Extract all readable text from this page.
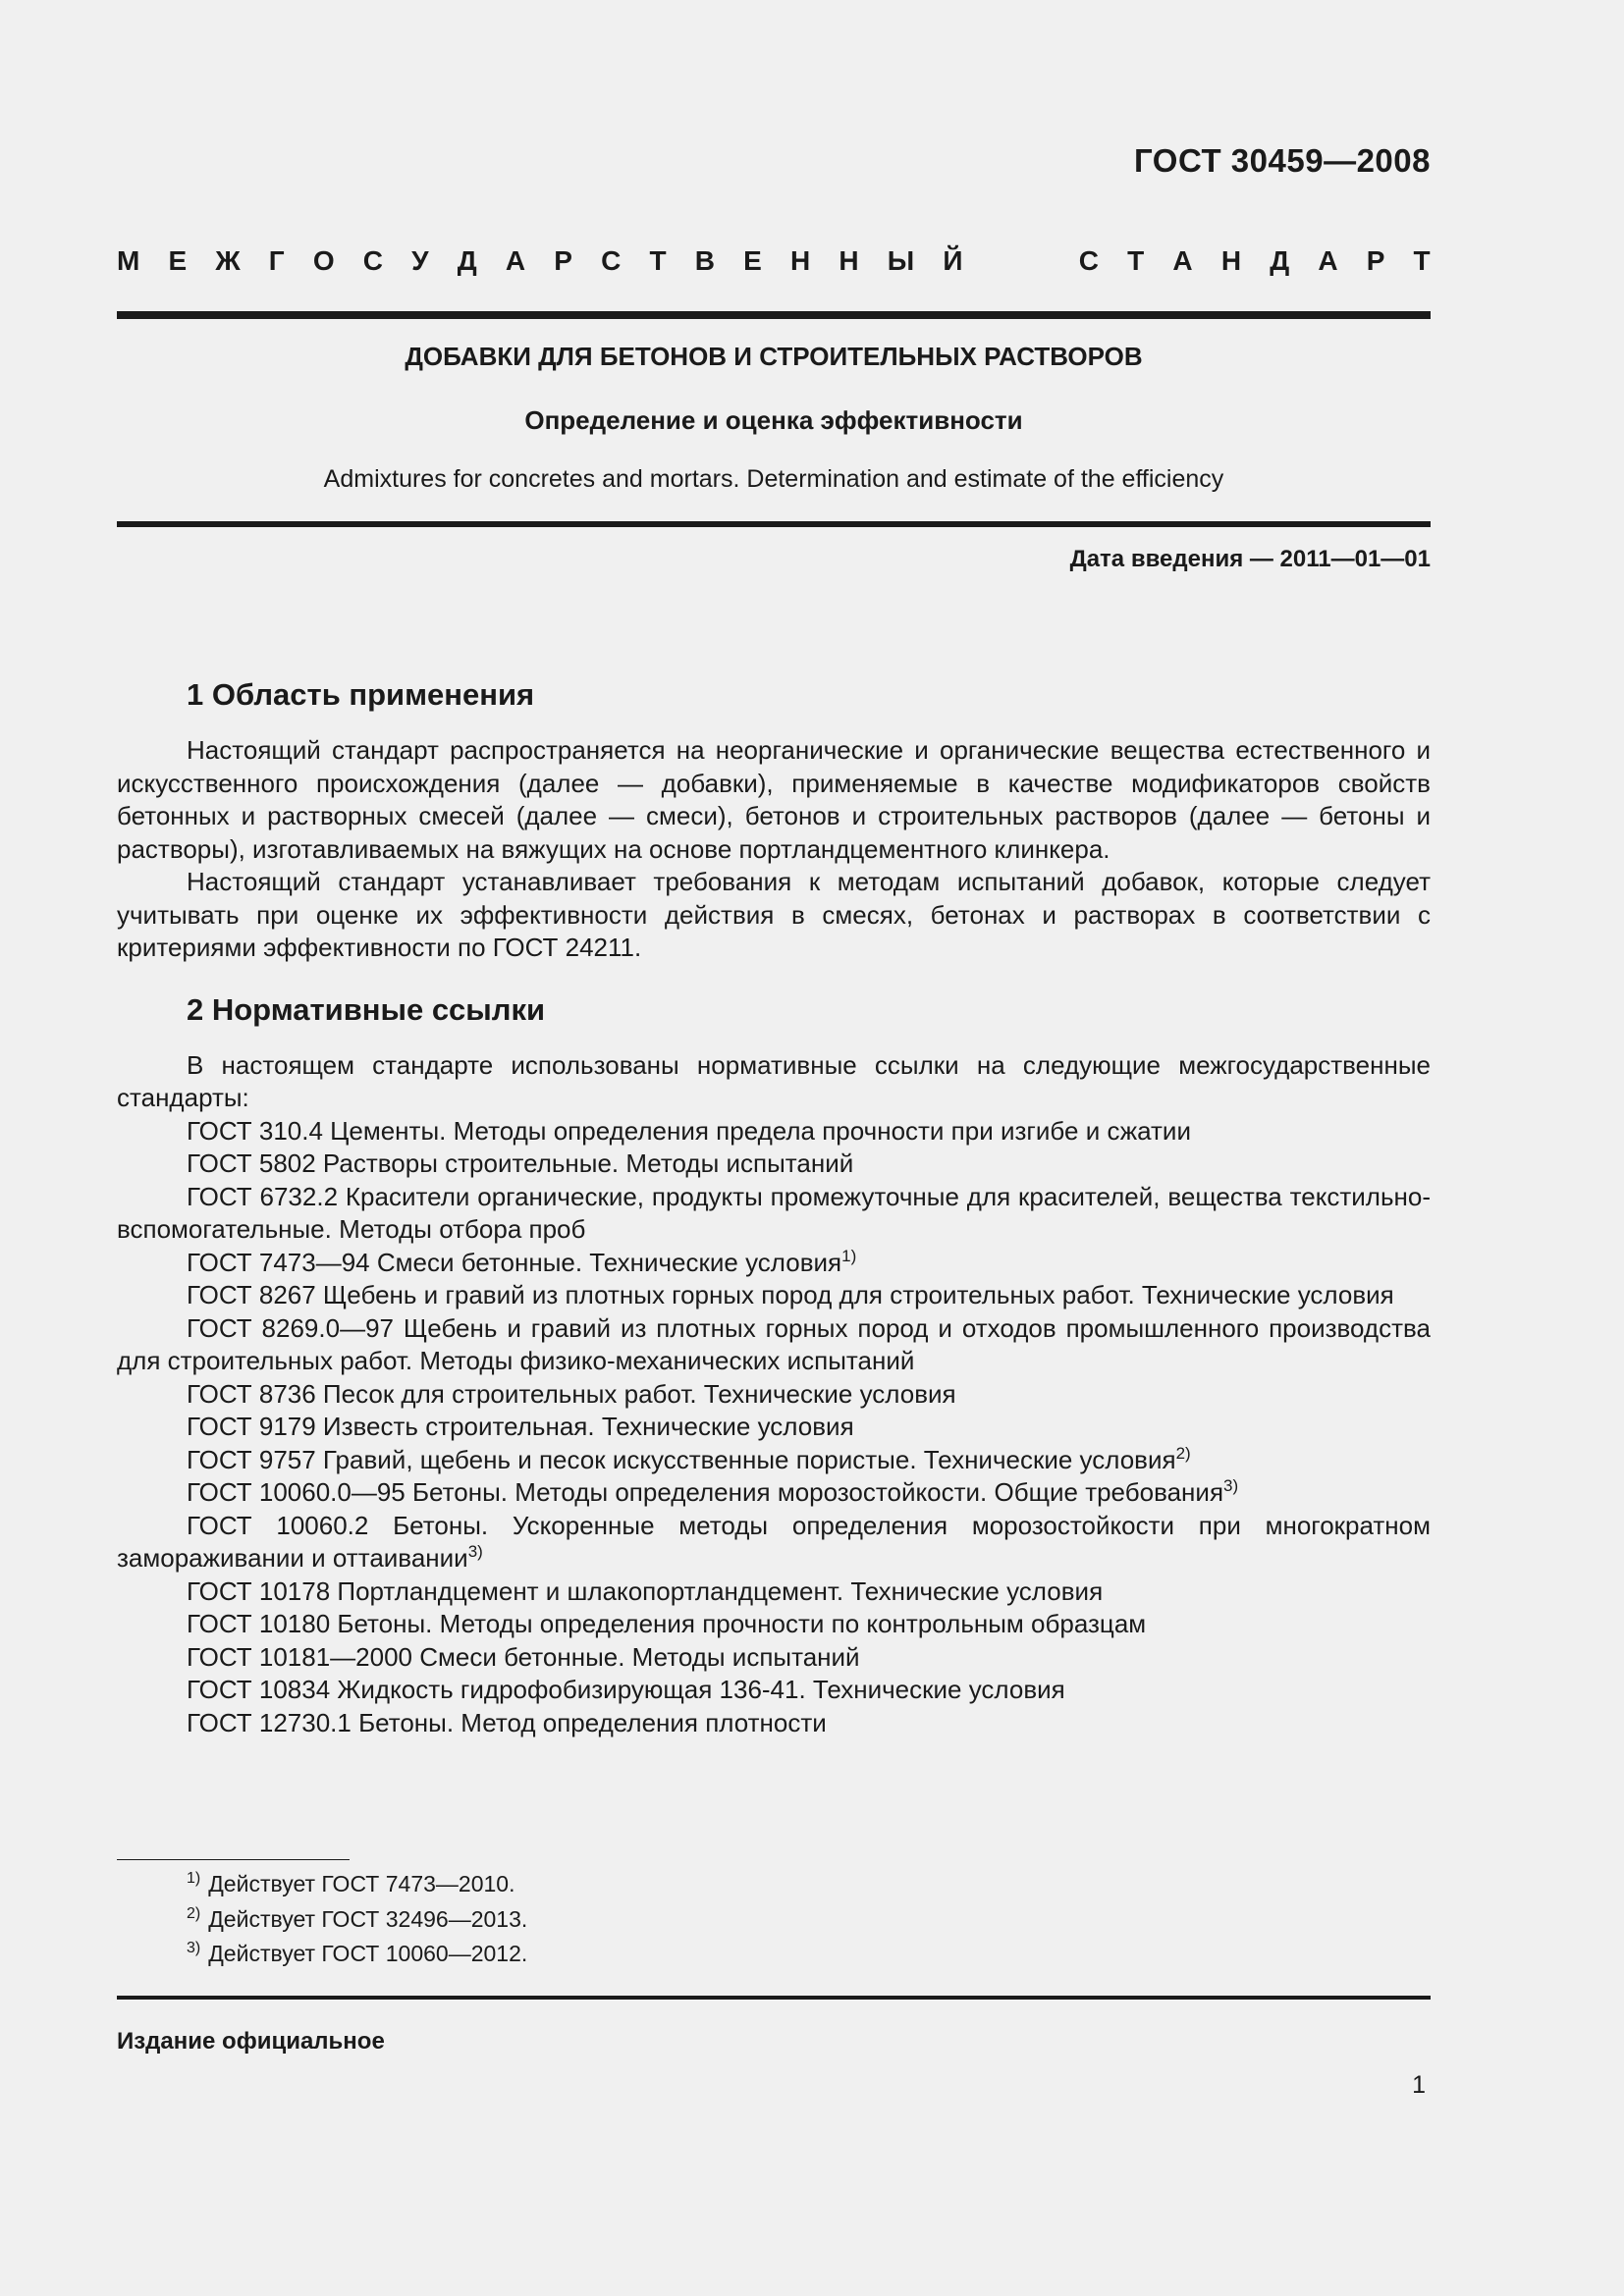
ГОСТ 30459—2008
М Е Ж Г О С У Д А Р С Т В Е Н Н Ы Й	С Т А Н Д А Р Т
ДОБАВКИ ДЛЯ БЕТОНОВ И СТРОИТЕЛЬНЫХ РАСТВОРОВ
Определение и оценка эффективности
Admixtures for concretes and mortars. Determination and estimate of the efficiency
Дата введения — 2011—01—01
1 Область применения

Настоящий стандарт распространяется на неорганические и органические вещества естественного и искусственного происхождения (далее — добавки), применяемые в качестве модификаторов свойств бетонных и растворных смесей (далее — смеси), бетонов и строительных растворов (далее — бетоны и растворы), изготавливаемых на вяжущих на основе портландцементного клинкера.

Настоящий стандарт устанавливает требования к методам испытаний добавок, которые следует учитывать при оценке их эффективности действия в смесях, бетонах и растворах в соответствии с критериями эффективности по ГОСТ 24211.

2 Нормативные ссылки

В настоящем стандарте использованы нормативные ссылки на следующие межгосударственные стандарты:

ГОСТ 310.4 Цементы. Методы определения предела прочности при изгибе и сжатии

ГОСТ 5802 Растворы строительные. Методы испытаний

ГОСТ 6732.2 Красители органические, продукты промежуточные для красителей, вещества текстильно-вспомогательные. Методы отбора проб

ГОСТ 7473—94 Смеси бетонные. Технические условия$^{1)}$

ГОСТ 8267 Щебень и гравий из плотных горных пород для строительных работ. Технические условия

ГОСТ 8269.0—97 Щебень и гравий из плотных горных пород и отходов промышленного производства для строительных работ. Методы физико-механических испытаний

ГОСТ 8736 Песок для строительных работ. Технические условия

ГОСТ 9179 Известь строительная. Технические условия

ГОСТ 9757 Гравий, щебень и песок искусственные пористые. Технические условия$^{2)}$

ГОСТ 10060.0—95 Бетоны. Методы определения морозостойкости. Общие требования$^{3)}$

ГОСТ 10060.2 Бетоны. Ускоренные методы определения морозостойкости при многократном замораживании и оттаивании$^{3)}$

ГОСТ 10178 Портландцемент и шлакопортландцемент. Технические условия

ГОСТ 10180 Бетоны. Методы определения прочности по контрольным образцам

ГОСТ 10181—2000 Смеси бетонные. Методы испытаний

ГОСТ 10834 Жидкость гидрофобизирующая 136-41. Технические условия

ГОСТ 12730.1 Бетоны. Метод определения плотности

$^{1)}$ Действует ГОСТ 7473—2010.
$^{2)}$ Действует ГОСТ 32496—2013.
$^{3)}$ Действует ГОСТ 10060—2012.
Издание официальное
1
